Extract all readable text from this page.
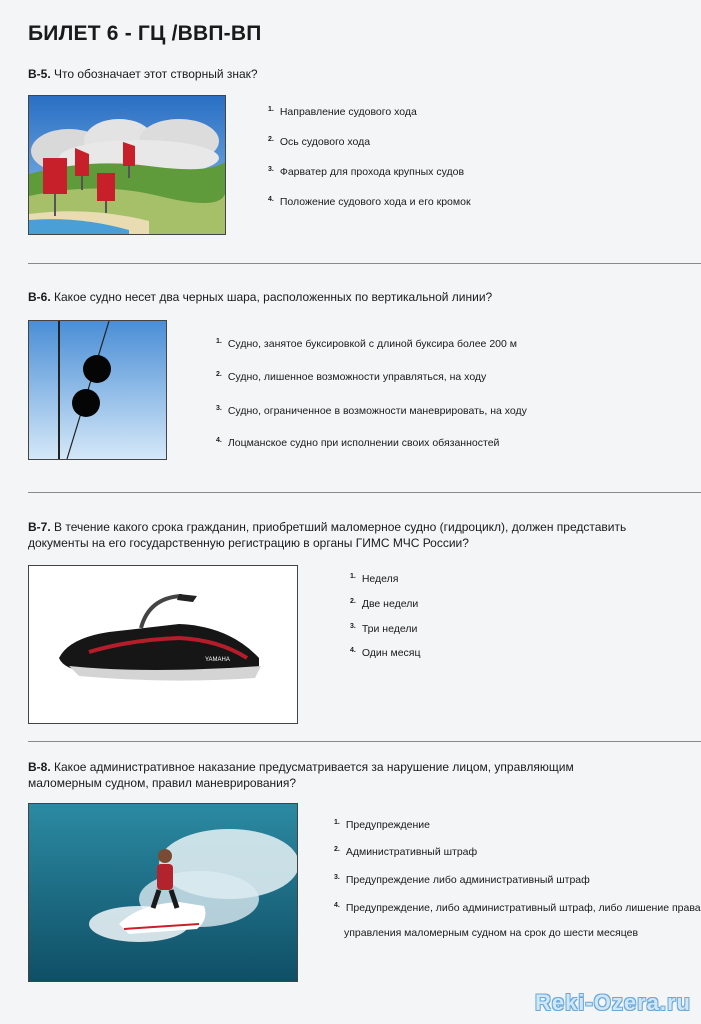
БИЛЕТ 6 - ГЦ /ВВП-ВП
B-5. Что обозначает этот створный знак?
$^{1.}$ Направление судового хода
$^{2.}$ Ось судового хода
$^{3.}$ Фарватер для прохода крупных судов
$^{4.}$ Положение судового хода и его кромок
B-6. Какое судно несет два черных шара, расположенных по вертикальной линии?
$^{1.}$ Судно, занятое буксировкой с длиной буксира более 200 м
$^{2.}$ Судно, лишенное возможности управляться, на ходу
$^{3.}$ Судно, ограниченное в возможности маневрировать, на ходу
$^{4.}$ Лоцманское судно при исполнении своих обязанностей
B-7. В течение какого срока гражданин, приобретший маломерное судно (гидроцикл), должен представить
документы на его государственную регистрацию в органы ГИМС МЧС России?
YAMAHA
$^{1.}$ Неделя
$^{2.}$ Две недели
$^{3.}$ Три недели
$^{4.}$ Один месяц
B-8. Какое административное наказание предусматривается за нарушение лицом, управляющим
маломерным судном, правил маневрирования?
$^{1.}$ Предупреждение
$^{2.}$ Административный штраф
$^{3.}$ Предупреждение либо административный штраф
$^{4.}$ Предупреждение, либо административный штраф, либо лишение права
управления маломерным судном на срок до шести месяцев
Reki-Ozera.ru
